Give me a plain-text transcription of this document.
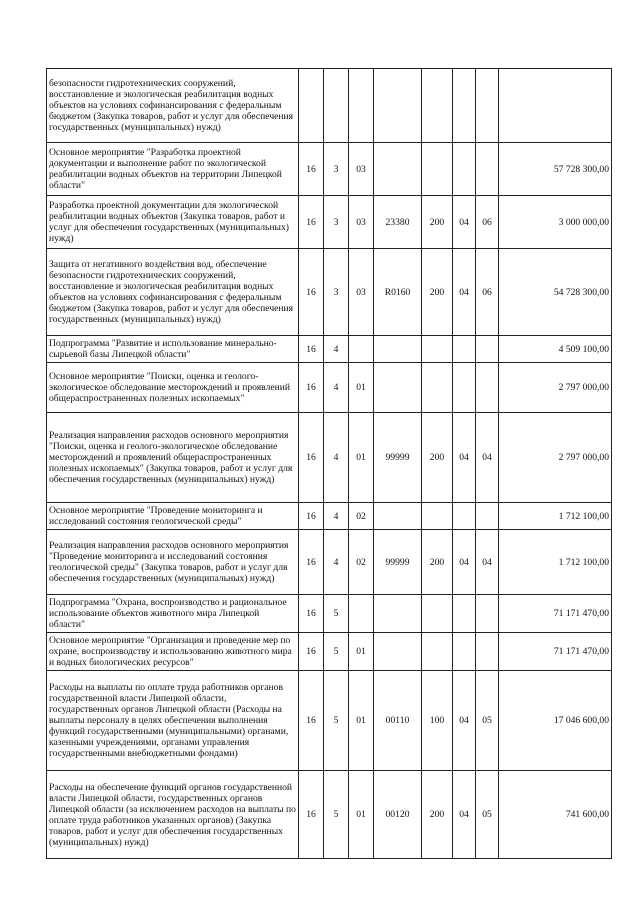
безопасности гидротехнических сооружений, восстановление и экологическая реабилитация водных объектов на условиях софинансирования с федеральным бюджетом (Закупка товаров, работ и услуг для обеспечения государственных (муниципальных) нужд)								
Основное мероприятие "Разработка проектной документации и выполнение работ по экологической реабилитации водных объектов на территории Липецкой области"	16	3	03					57 728 300,00
Разработка проектной документации для экологической реабилитации водных объектов (Закупка товаров, работ и услуг для обеспечения государственных (муниципальных) нужд)	16	3	03	23380	200	04	06	3 000 000,00
Защита от негативного воздействия вод, обеспечение безопасности гидротехнических сооружений, восстановление и экологическая реабилитация водных объектов на условиях софинансирования с федеральным бюджетом (Закупка товаров, работ и услуг для обеспечения государственных (муниципальных) нужд)	16	3	03	R0160	200	04	06	54 728 300,00
Подпрограмма "Развитие и использование минерально-сырьевой базы Липецкой области"	16	4						4 509 100,00
Основное мероприятие "Поиски, оценка и геолого-экологическое обследование месторождений и проявлений общераспространенных полезных ископаемых"	16	4	01					2 797 000,00
Реализация направления расходов основного мероприятия "Поиски, оценка и геолого-экологическое обследование месторождений и проявлений общераспространенных полезных ископаемых" (Закупка товаров, работ и услуг для обеспечения государственных (муниципальных) нужд)	16	4	01	99999	200	04	04	2 797 000,00
Основное мероприятие "Проведение мониторинга и исследований состояния геологической среды"	16	4	02					1 712 100,00
Реализация направления расходов основного мероприятия "Проведение мониторинга и исследований состояния геологической среды" (Закупка товаров, работ и услуг для обеспечения государственных (муниципальных) нужд)	16	4	02	99999	200	04	04	1 712 100,00
Подпрограмма "Охрана, воспроизводство и рациональное использование объектов животного мира Липецкой области"	16	5						71 171 470,00
Основное мероприятие "Организация и проведение мер по охране, воспроизводству и использованию животного мира и водных биологических ресурсов"	16	5	01					71 171 470,00
Расходы на выплаты по оплате труда работников органов государственной власти Липецкой области, государственных органов Липецкой области (Расходы на выплаты персоналу в целях обеспечения выполнения функций государственными (муниципальными) органами, казенными учреждениями, органами управления государственными внебюджетными фондами)	16	5	01	00110	100	04	05	17 046 600,00
Расходы на обеспечение функций органов государственной власти Липецкой области, государственных органов Липецкой области (за исключением расходов на выплаты по оплате труда работников указанных органов) (Закупка товаров, работ и услуг для обеспечения государственных (муниципальных) нужд)	16	5	01	00120	200	04	05	741 600,00
